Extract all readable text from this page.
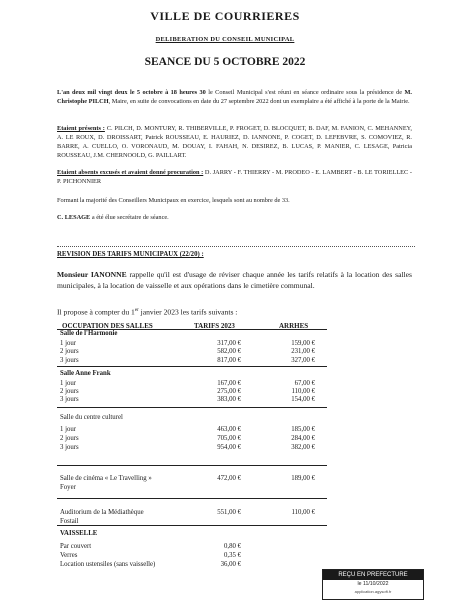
VILLE DE COURRIERES
DELIBERATION DU CONSEIL MUNICIPAL
SEANCE DU 5 OCTOBRE 2022
L'an deux mil vingt deux le 5 octobre à 18 heures 30 le Conseil Municipal s'est réuni en séance ordinaire sous la présidence de M. Christophe PILCH, Maire, en suite de convocations en date du 27 septembre 2022 dont un exemplaire a été affiché à la porte de la Mairie.
Etaient présents : C. PILCH, D. MONTURY, R. THIBERVILLE, P. FROGET, D. BLOCQUET, B. DAF, M. FANION, C. MEHANNEY, A. LE ROUX, D. DROISSART, Patrick ROUSSEAU, E. HAURIEZ, D. IANNONE, P. COGET, D. LEFEBVRE, S. COMOVIEZ, R. BARRE, A. CUELLO, O. VORONAUD, M. DOUAY, I. FAHAH, N. DESIREZ, B. LUCAS, P. MANIER, C. LESAGE, Patricia ROUSSEAU, J.M. CHERNOOLD, G. PAILLART.
Etaient absents excusés et avaient donné procuration : D. JARRY - F. THIERRY - M. PRODEO - E. LAMBERT - B. LE TORIELLEC - P. PICHONNIER
Formant la majorité des Conseillers Municipaux en exercice, lesquels sont au nombre de 33.
C. LESAGE a été élue secrétaire de séance.
REVISION DES TARIFS MUNICIPAUX (22/20) :
Monsieur IANONNE rappelle qu'il est d'usage de réviser chaque année les tarifs relatifs à la location des salles municipales, à la location de vaisselle et aux opérations dans le cimetière communal.
Il propose à compter du 1er janvier 2023 les tarifs suivants :
OCCUPATION DES SALLES	TARIFS 2023	ARRHES
Salle de l'Harmonie
1 jour	317,00 €	159,00 €
2 jours	582,00 €	231,00 €
3 jours	817,00 €	327,00 €
Salle Anne Frank
1 jour	167,00 €	67,00 €
2 jours	275,00 €	110,00 €
3 jours	383,00 €	154,00 €
Salle du centre culturel
1 jour	463,00 €	185,00 €
2 jours	705,00 €	284,00 €
3 jours	954,00 €	382,00 €
Salle de cinéma « Le Travelling »	472,00 €	189,00 €
Foyer
Auditorium de la Médiathèque	551,00 €	110,00 €
Fostail
VAISSELLE
Par couvert	0,80 €
Verres	0,35 €
Location ustensiles (sans vaisselle)	36,00 €
REÇU EN PREFECTURE
le 11/10/2022
application.agysoft.fr
